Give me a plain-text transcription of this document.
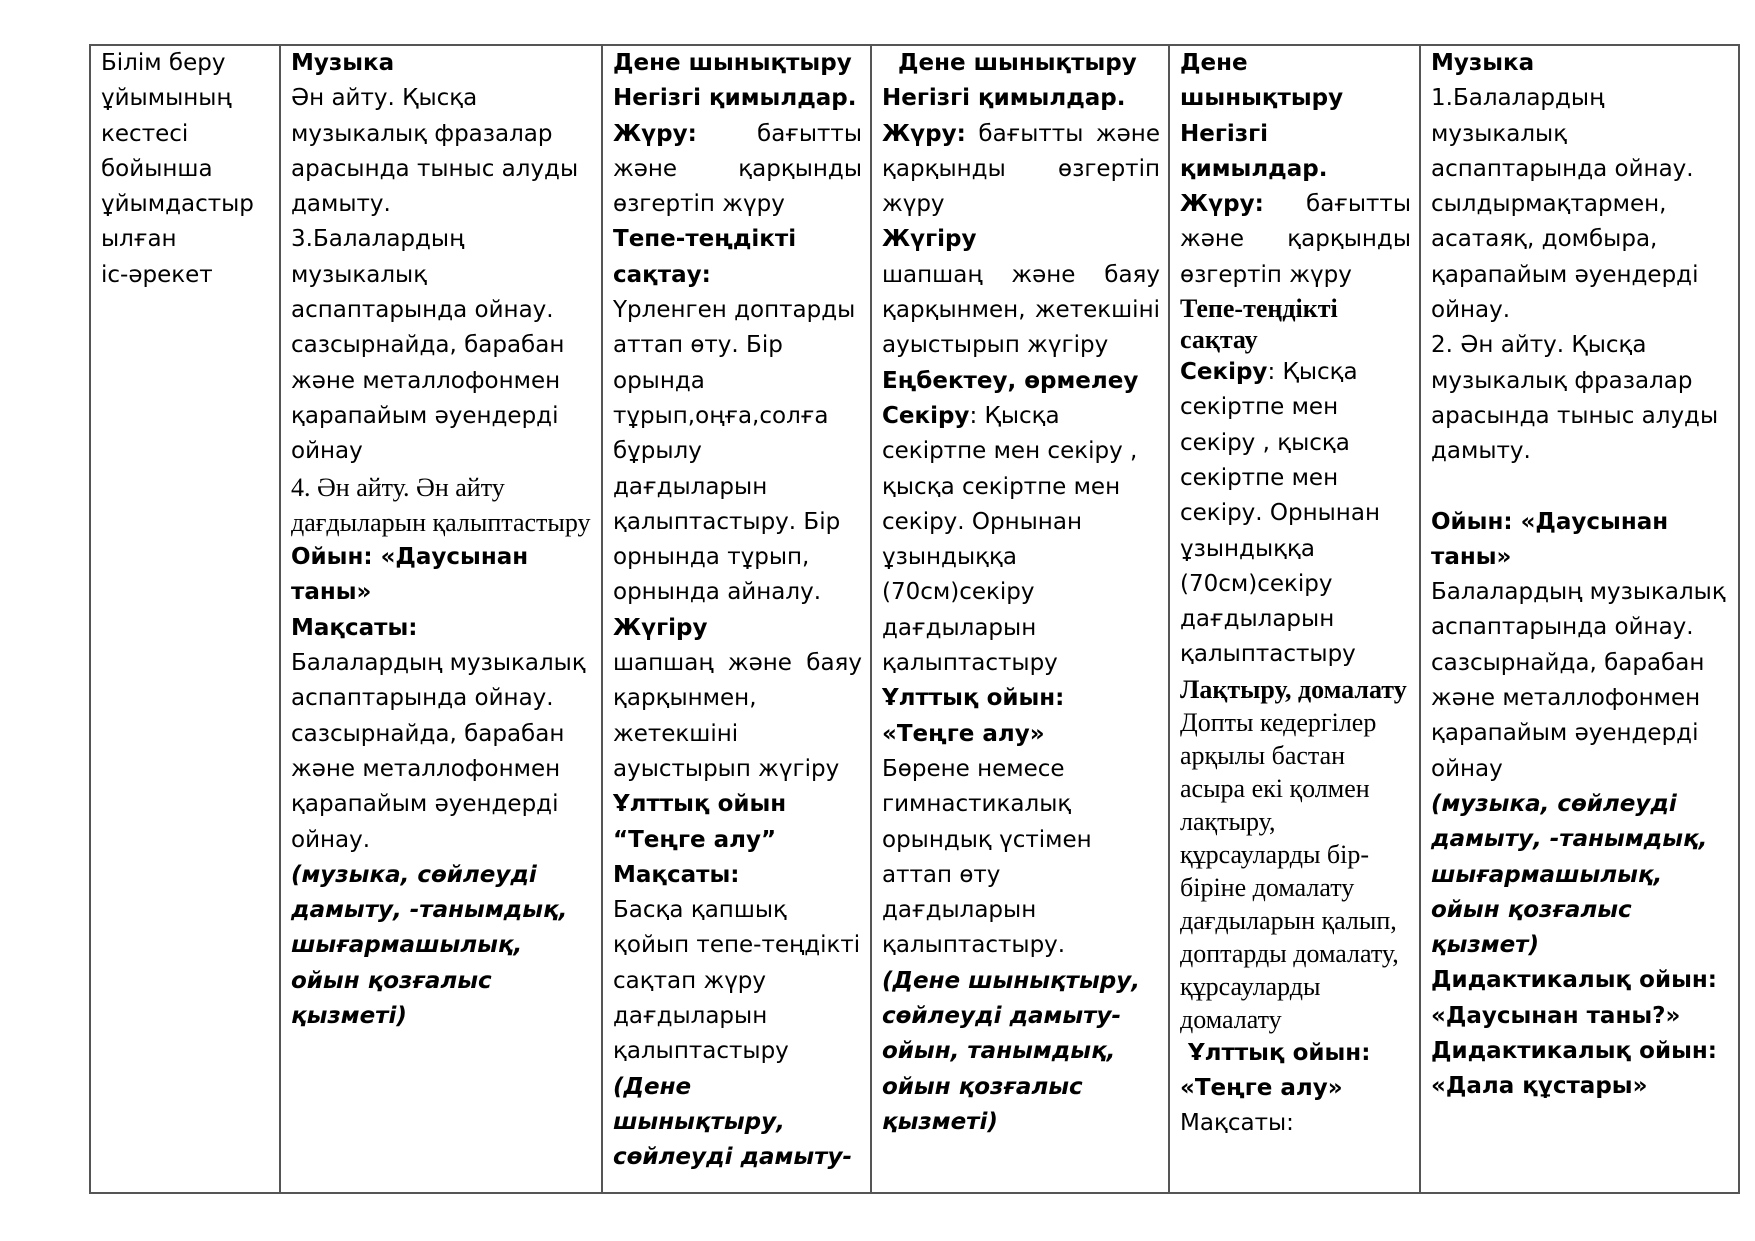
Білім беру
ұйымының
кестесі
бойынша
ұйымдастыр
ылған
іс-әрекет

Музыка
Ән айту. Қысқа музыкалық фразалар арасында тыныс алуды дамыту.
3.Балалардың музыкалық аспаптарында ойнау. сазсырнайда, барабан және металлофонмен қарапайым әуендерді ойнау
4. Ән айту. Ән айту дағдыларын қалыптастыру
Ойын: «Даусынан таны»
Мақсаты:
Балалардың музыкалық аспаптарында ойнау. сазсырнайда, барабан және металлофонмен қарапайым әуендерді ойнау.
(музыка, сөйлеуді дамыту, -танымдық, шығармашылық, ойын қозғалыс қызметі)

Дене шынықтыру
Негізгі қимылдар.
Жүру: бағытты және қарқынды өзгертіп жүру
Тепе-теңдікті сақтау:
Үрленген доптарды аттап өту. Бір орында тұрып,оңға,солға бұрылу дағдыларын қалыптастыру. Бір орнында тұрып, орнында айналу.
Жүгіру
шапшаң және баяу қарқынмен, жетекшіні ауыстырып жүгіру
Ұлттық ойын
“Теңге алу”
Мақсаты:
Басқа қапшық қойып тепе-теңдікті сақтап жүру дағдыларын қалыптастыру
(Дене шынықтыру, сөйлеуді дамыту-

Дене шынықтыру
Негізгі қимылдар.
Жүру: бағытты және қарқынды өзгертіп жүру
Жүгіру
шапшаң және баяу қарқынмен, жетекшіні ауыстырып жүгіру
Еңбектеу, өрмелеу
Секіру: Қысқа секіртпе мен секіру , қысқа секіртпе мен секіру. Орнынан ұзындыққа (70см)секіру дағдыларын қалыптастыру
Ұлттық ойын:
«Теңге алу»
Бөрене немесе гимнастикалық орындық үстімен аттап өту дағдыларын қалыптастыру.
(Дене шынықтыру, сөйлеуді дамыту-ойын, танымдық, ойын қозғалыс қызметі)

Дене шынықтыру
Негізгі қимылдар.
Жүру: бағытты және қарқынды өзгертіп жүру
Тепе-теңдікті сақтау
Секіру: Қысқа секіртпе мен секіру , қысқа секіртпе мен секіру. Орнынан ұзындыққа (70см)секіру дағдыларын қалыптастыру
Лақтыру, домалату Допты кедергілер арқылы бастан асыра екі қолмен лақтыру, құрсауларды бір-біріне домалату дағдыларын қалып, доптарды домалату, құрсауларды домалату
Ұлттық ойын:
«Теңге алу»
Мақсаты:

Музыка
1.Балалардың музыкалық аспаптарында ойнау. сылдырмақтармен, асатаяқ, домбыра, қарапайым әуендерді ойнау.
2. Ән айту. Қысқа музыкалық фразалар арасында тыныс алуды дамыту.
Ойын: «Даусынан таны»
Балалардың музыкалық аспаптарында ойнау. сазсырнайда, барабан және металлофонмен қарапайым әуендерді ойнау
(музыка, сөйлеуді дамыту, -танымдық, шығармашылық, ойын қозғалыс қызмет)
Дидактикалық ойын:
«Даусынан таны?»
Дидактикалық ойын:
«Дала құстары»
